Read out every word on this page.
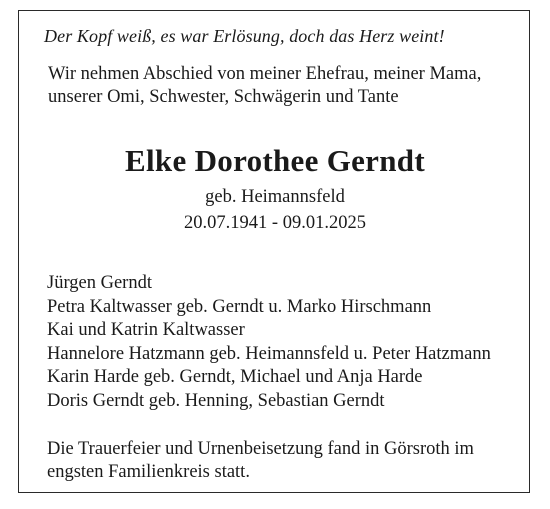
Der Kopf weiß, es war Erlösung, doch das Herz weint!
Wir nehmen Abschied von meiner Ehefrau, meiner Mama,
unserer Omi, Schwester, Schwägerin und Tante
Elke Dorothee Gerndt
geb. Heimannsfeld
20.07.1941 - 09.01.2025
Jürgen Gerndt
Petra Kaltwasser geb. Gerndt u. Marko Hirschmann
Kai und Katrin Kaltwasser
Hannelore Hatzmann geb. Heimannsfeld u. Peter Hatzmann
Karin Harde geb. Gerndt, Michael und Anja Harde
Doris Gerndt geb. Henning, Sebastian Gerndt
Die Trauerfeier und Urnenbeisetzung fand in Görsroth im
engsten Familienkreis statt.
